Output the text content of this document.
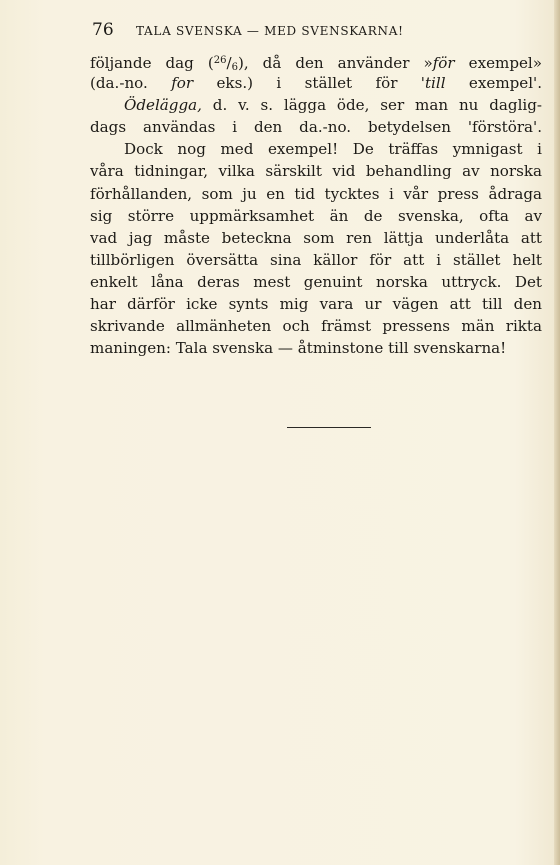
76 TALA SVENSKA — MED SVENSKARNA!
följande dag ($^{26}$/6), då den använder »för exempel»
(da.-no. for eks.) i stället för 'till exempel'.
Ödelägga, d. v. s. lägga öde, ser man nu daglig-
dags användas i den da.-no. betydelsen 'förstöra'.
Dock nog med exempel! De träffas ymnigast i
våra tidningar, vilka särskilt vid behandling av norska
förhållanden, som ju en tid tycktes i vår press ådraga
sig större uppmärksamhet än de svenska, ofta av
vad jag måste beteckna som ren lättja underlåta att
tillbörligen översätta sina källor för att i stället helt
enkelt låna deras mest genuint norska uttryck. Det
har därför icke synts mig vara ur vägen att till den
skrivande allmänheten och främst pressens män rikta
maningen: Tala svenska — åtminstone till svenskarna!
